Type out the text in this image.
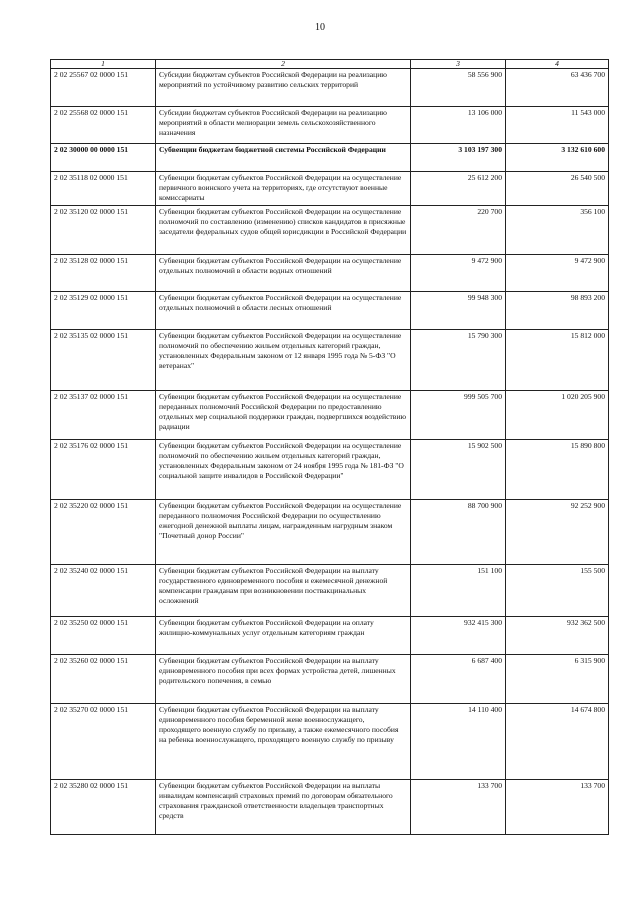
10
1	2	3	4
2 02 25567 02 0000 151	Субсидии бюджетам субъектов Российской Федерации на реализацию мероприятий по устойчивому развитию сельских территорий	58 556 900	63 436 700
2 02 25568 02 0000 151	Субсидии бюджетам субъектов Российской Федерации на реализацию мероприятий в области мелиорации земель сельскохозяйственного назначения	13 106 000	11 543 000
2 02 30000 00 0000 151	Субвенции бюджетам бюджетной системы Российской Федерации	3 103 197 300	3 132 610 600
2 02 35118 02 0000 151	Субвенции бюджетам субъектов Российской Федерации на осуществление первичного воинского учета на территориях, где отсутствуют военные комиссариаты	25 612 200	26 540 500
2 02 35120 02 0000 151	Субвенции бюджетам субъектов Российской Федерации на осуществление полномочий по составлению (изменению) списков кандидатов в присяжные заседатели федеральных судов общей юрисдикции в Российской Федерации	220 700	356 100
2 02 35128 02 0000 151	Субвенции бюджетам субъектов Российской Федерации на осуществление отдельных полномочий в области водных отношений	9 472 900	9 472 900
2 02 35129 02 0000 151	Субвенции бюджетам субъектов Российской Федерации на осуществление отдельных полномочий в области лесных отношений	99 948 300	98 893 200
2 02 35135 02 0000 151	Субвенции бюджетам субъектов Российской Федерации на осуществление полномочий по обеспечению жильем отдельных категорий граждан, установленных Федеральным законом от 12 января 1995 года № 5-ФЗ "О ветеранах"	15 790 300	15 812 000
2 02 35137 02 0000 151	Субвенции бюджетам субъектов Российской Федерации на осуществление переданных полномочий Российской Федерации по предоставлению отдельных мер социальной поддержки граждан, подвергшихся воздействию радиации	999 505 700	1 020 205 900
2 02 35176 02 0000 151	Субвенции бюджетам субъектов Российской Федерации на осуществление полномочий по обеспечению жильем отдельных категорий граждан, установленных Федеральным законом от 24 ноября 1995 года № 181-ФЗ "О социальной защите инвалидов в Российской Федерации"	15 902 500	15 890 800
2 02 35220 02 0000 151	Субвенции бюджетам субъектов Российской Федерации на осуществление переданного полномочия Российской Федерации по осуществлению ежегодной денежной выплаты лицам, награжденным нагрудным знаком "Почетный донор России"	88 700 900	92 252 900
2 02 35240 02 0000 151	Субвенции бюджетам субъектов Российской Федерации на выплату государственного единовременного пособия и ежемесячной денежной компенсации гражданам при возникновении поствакцинальных осложнений	151 100	155 500
2 02 35250 02 0000 151	Субвенции бюджетам субъектов Российской Федерации на оплату жилищно-коммунальных услуг отдельным категориям граждан	932 415 300	932 362 500
2 02 35260 02 0000 151	Субвенции бюджетам субъектов Российской Федерации на выплату единовременного пособия при всех формах устройства детей, лишенных родительского попечения, в семью	6 687 400	6 315 900
2 02 35270 02 0000 151	Субвенции бюджетам субъектов Российской Федерации на выплату единовременного пособия беременной жене военнослужащего, проходящего военную службу по призыву, а также ежемесячного пособия на ребенка военнослужащего, проходящего военную службу по призыву	14 110 400	14 674 800
2 02 35280 02 0000 151	Субвенции бюджетам субъектов Российской Федерации на выплаты инвалидам компенсаций страховых премий по договорам обязательного страхования гражданской ответственности владельцев транспортных средств	133 700	133 700
